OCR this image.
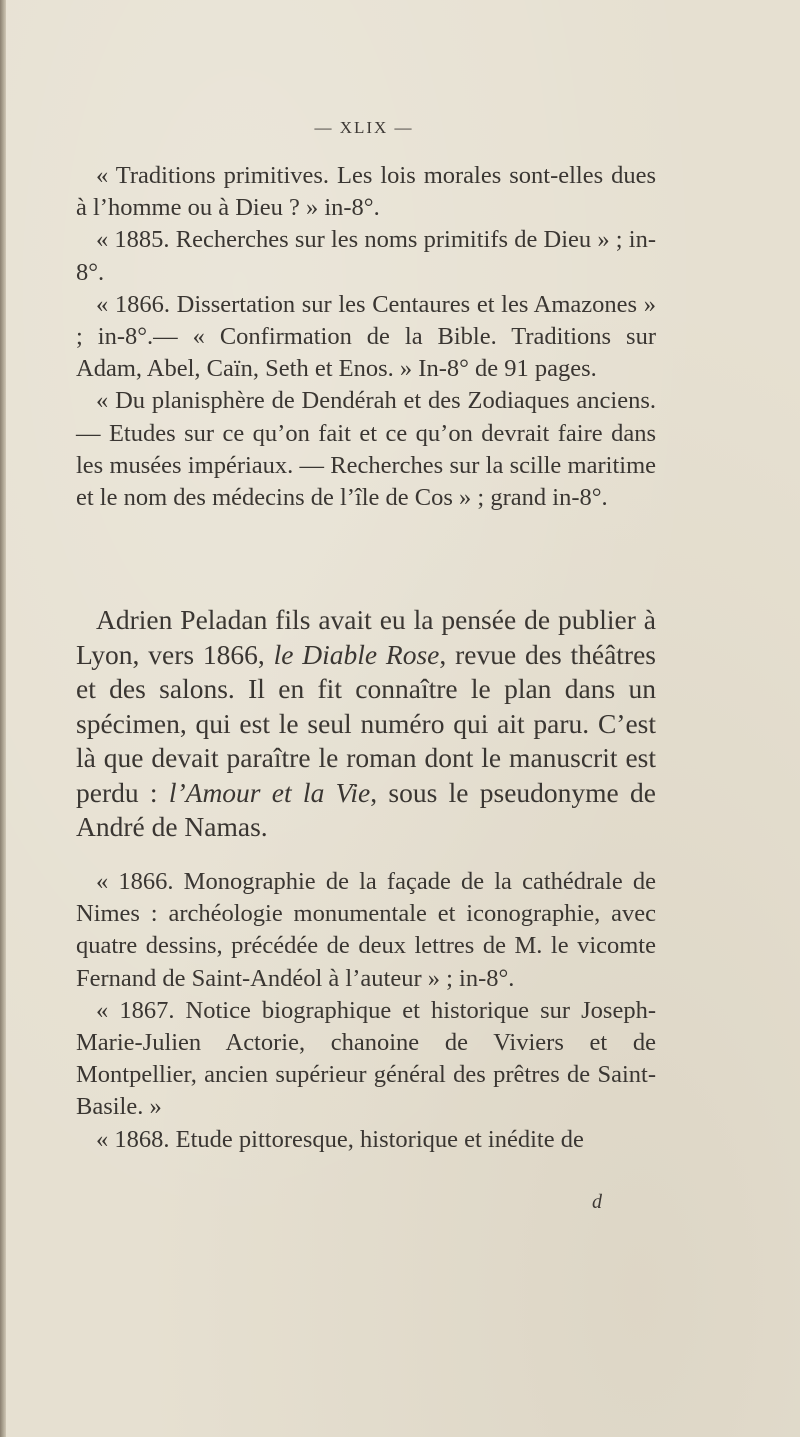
— XLIX —

« Traditions primitives. Les lois morales sont-elles dues à l’homme ou à Dieu ? » in-8°.

« 1885. Recherches sur les noms primitifs de Dieu » ; in-8°.

« 1866. Dissertation sur les Centaures et les Amazones » ; in-8°.— « Confirmation de la Bible. Traditions sur Adam, Abel, Caïn, Seth et Enos. » In-8° de 91 pages.

« Du planisphère de Dendérah et des Zodiaques anciens. — Etudes sur ce qu’on fait et ce qu’on devrait faire dans les musées impériaux. — Recherches sur la scille maritime et le nom des médecins de l’île de Cos » ; grand in-8°.

Adrien Peladan fils avait eu la pensée de publier à Lyon, vers 1866, le Diable Rose, revue des théâtres et des salons. Il en fit connaître le plan dans un spécimen, qui est le seul numéro qui ait paru. C’est là que devait paraître le roman dont le manuscrit est perdu : l’Amour et la Vie, sous le pseudonyme de André de Namas.

« 1866. Monographie de la façade de la cathédrale de Nimes : archéologie monumentale et iconographie, avec quatre dessins, précédée de deux lettres de M. le vicomte Fernand de Saint-Andéol à l’auteur » ; in-8°.

« 1867. Notice biographique et historique sur Joseph-Marie-Julien Actorie, chanoine de Viviers et de Montpellier, ancien supérieur général des prêtres de Saint-Basile. »

« 1868. Etude pittoresque, historique et inédite de

d
